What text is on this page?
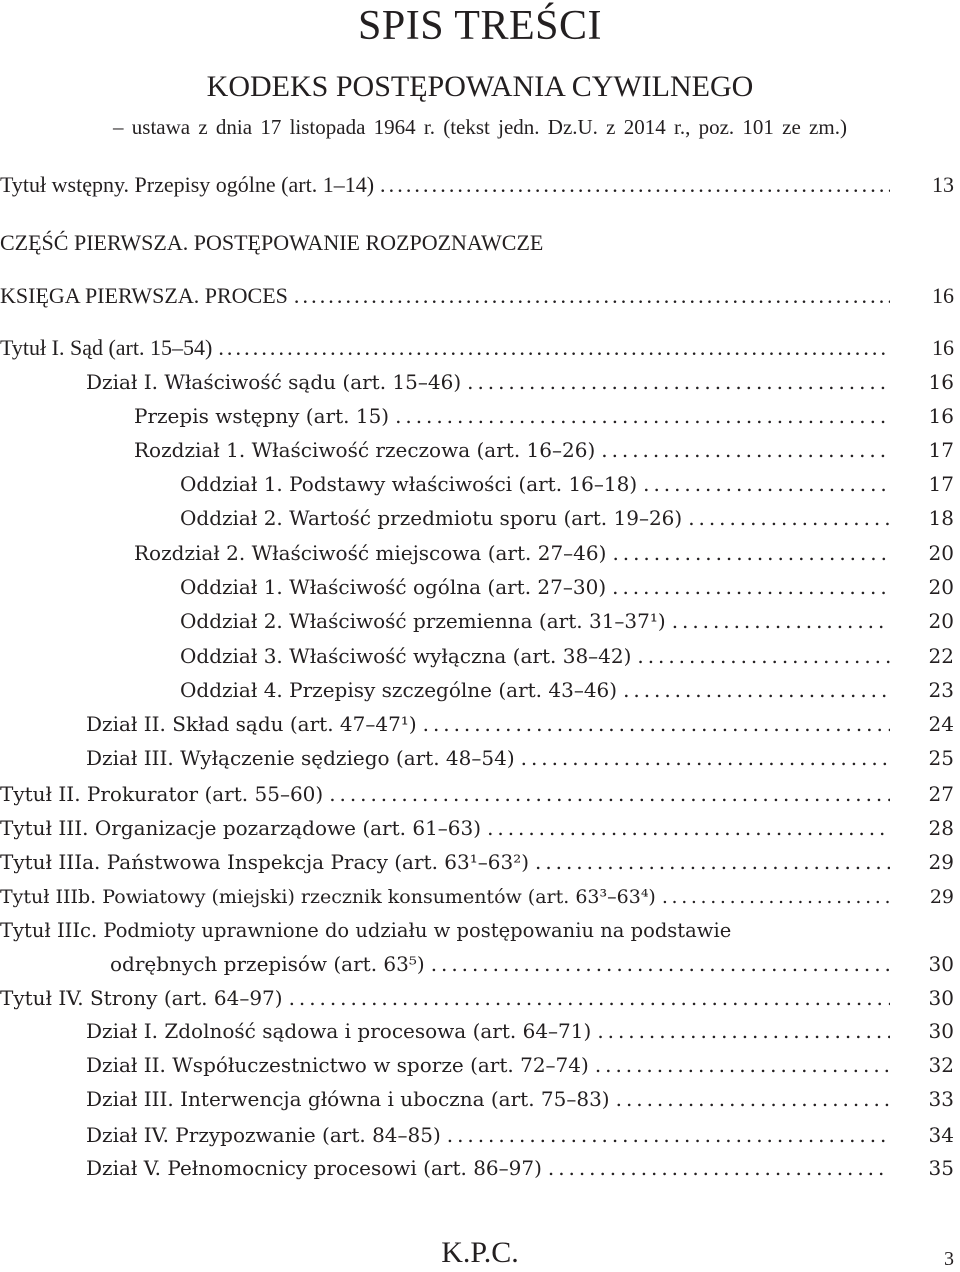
SPIS TREŚCI
KODEKS POSTĘPOWANIA CYWILNEGO
– ustawa z dnia 17 listopada 1964 r. (tekst jedn. Dz.U. z 2014 r., poz. 101 ze zm.)
Tytuł wstępny. Przepisy ogólne (art. 1–14) . . .	13
CZĘŚĆ PIERWSZA. POSTĘPOWANIE ROZPOZNAWCZE
KSIĘGA PIERWSZA. PROCES . . .	16
Tytuł I. Sąd (art. 15–54) . . .	16
Dział I. Właściwość sądu (art. 15–46) . . .	16
Przepis wstępny (art. 15) . . .	16
Rozdział 1. Właściwość rzeczowa (art. 16–26) . . .	17
Oddział 1. Podstawy właściwości (art. 16–18) . . .	17
Oddział 2. Wartość przedmiotu sporu (art. 19–26) . . .	18
Rozdział 2. Właściwość miejscowa (art. 27–46) . . .	20
Oddział 1. Właściwość ogólna (art. 27–30) . . .	20
Oddział 2. Właściwość przemienna (art. 31–37¹) . . .	20
Oddział 3. Właściwość wyłączna (art. 38–42) . . .	22
Oddział 4. Przepisy szczególne (art. 43–46) . . .	23
Dział II. Skład sądu (art. 47–47¹) . . .	24
Dział III. Wyłączenie sędziego (art. 48–54) . . .	25
Tytuł II. Prokurator (art. 55–60) . . .	27
Tytuł III. Organizacje pozarządowe (art. 61–63) . . .	28
Tytuł IIIa. Państwowa Inspekcja Pracy (art. 63¹–63²) . . .	29
Tytuł IIIb. Powiatowy (miejski) rzecznik konsumentów (art. 63³–63⁴) . . .	29
Tytuł IIIc. Podmioty uprawnione do udziału w postępowaniu na podstawie
odrębnych przepisów (art. 63⁵) . . .	30
Tytuł IV. Strony (art. 64–97) . . .	30
Dział I. Zdolność sądowa i procesowa (art. 64–71) . . .	30
Dział II. Współuczestnictwo w sporze (art. 72–74) . . .	32
Dział III. Interwencja główna i uboczna (art. 75–83) . . .	33
Dział IV. Przypozwanie (art. 84–85) . . .	34
Dział V. Pełnomocnicy procesowi (art. 86–97) . . .	35
K.P.C.	3
